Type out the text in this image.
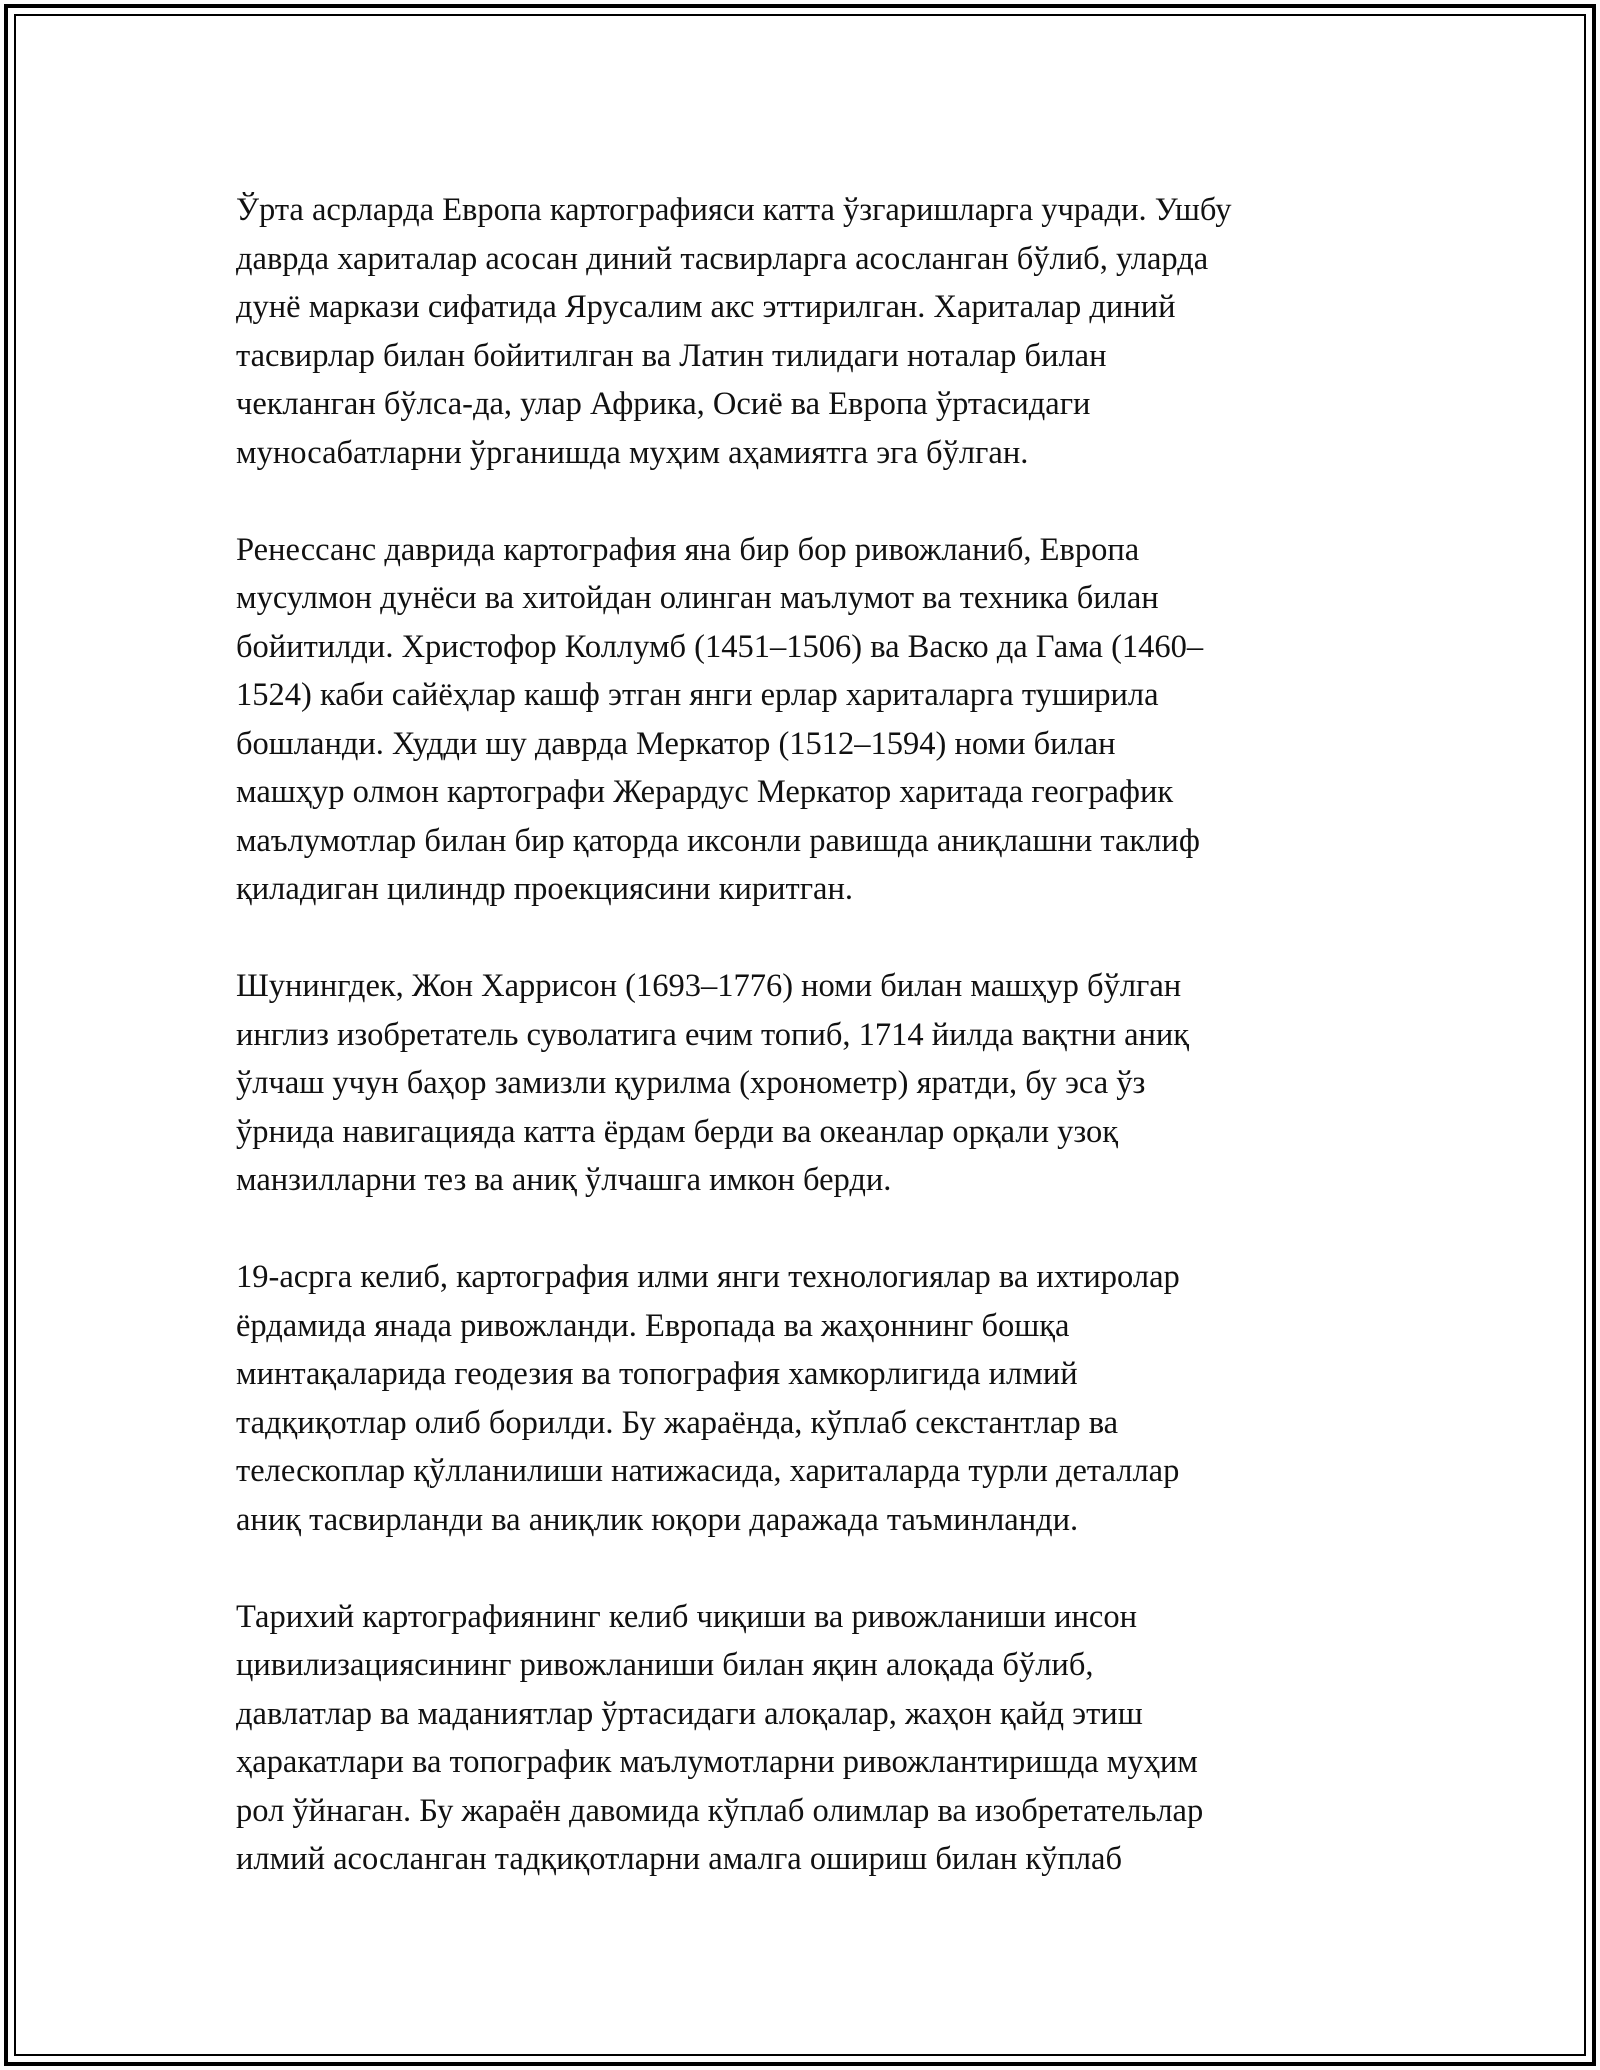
Ўрта асрларда Европа картографияси катта ўзгаришларга учради. Ушбу
даврда хариталар асосан диний тасвирларга асосланган бўлиб, уларда
дунё маркази сифатида Ярусалим акс эттирилган. Хариталар диний
тасвирлар билан бойитилган ва Латин тилидаги ноталар билан
чекланган бўлса-да, улар Африка, Осиё ва Европа ўртасидаги
муносабатларни ўрганишда муҳим аҳамиятга эга бўлган.

Ренессанс даврида картография яна бир бор ривожланиб, Европа
мусулмон дунёси ва хитойдан олинган маълумот ва техника билан
бойитилди. Христофор Коллумб (1451–1506) ва Васко да Гама (1460–
1524) каби сайёҳлар кашф этган янги ерлар хариталарга туширила
бошланди. Худди шу даврда Меркатор (1512–1594) номи билан
машҳур олмон картографи Жерардус Меркатор харитада географик
маълумотлар билан бир қаторда иксонли равишда аниқлашни таклиф
қиладиган цилиндр проекциясини киритган.

Шунингдек, Жон Харрисон (1693–1776) номи билан машҳур бўлган
инглиз изобретатель суволатига ечим топиб, 1714 йилда вақтни аниқ
ўлчаш учун баҳор замизли қурилма (хронометр) яратди, бу эса ўз
ўрнида навигацияда катта ёрдам берди ва океанлар орқали узоқ
манзилларни тез ва аниқ ўлчашга имкон берди.

19-асрга келиб, картография илми янги технологиялар ва ихтиролар
ёрдамида янада ривожланди. Европада ва жаҳоннинг бошқа
минтақаларида геодезия ва топография хамкорлигида илмий
тадқиқотлар олиб борилди. Бу жараёнда, кўплаб секстантлар ва
телескоплар қўлланилиши натижасида, хариталарда турли деталлар
аниқ тасвирланди ва аниқлик юқори даражада таъминланди.

Тарихий картографиянинг келиб чиқиши ва ривожланиши инсон
цивилизациясининг ривожланиши билан яқин алоқада бўлиб,
давлатлар ва маданиятлар ўртасидаги алоқалар, жаҳон қайд этиш
ҳаракатлари ва топографик маълумотларни ривожлантиришда муҳим
рол ўйнаган. Бу жараён давомида кўплаб олимлар ва изобретательлар
илмий асосланган тадқиқотларни амалга ошириш билан кўплаб
